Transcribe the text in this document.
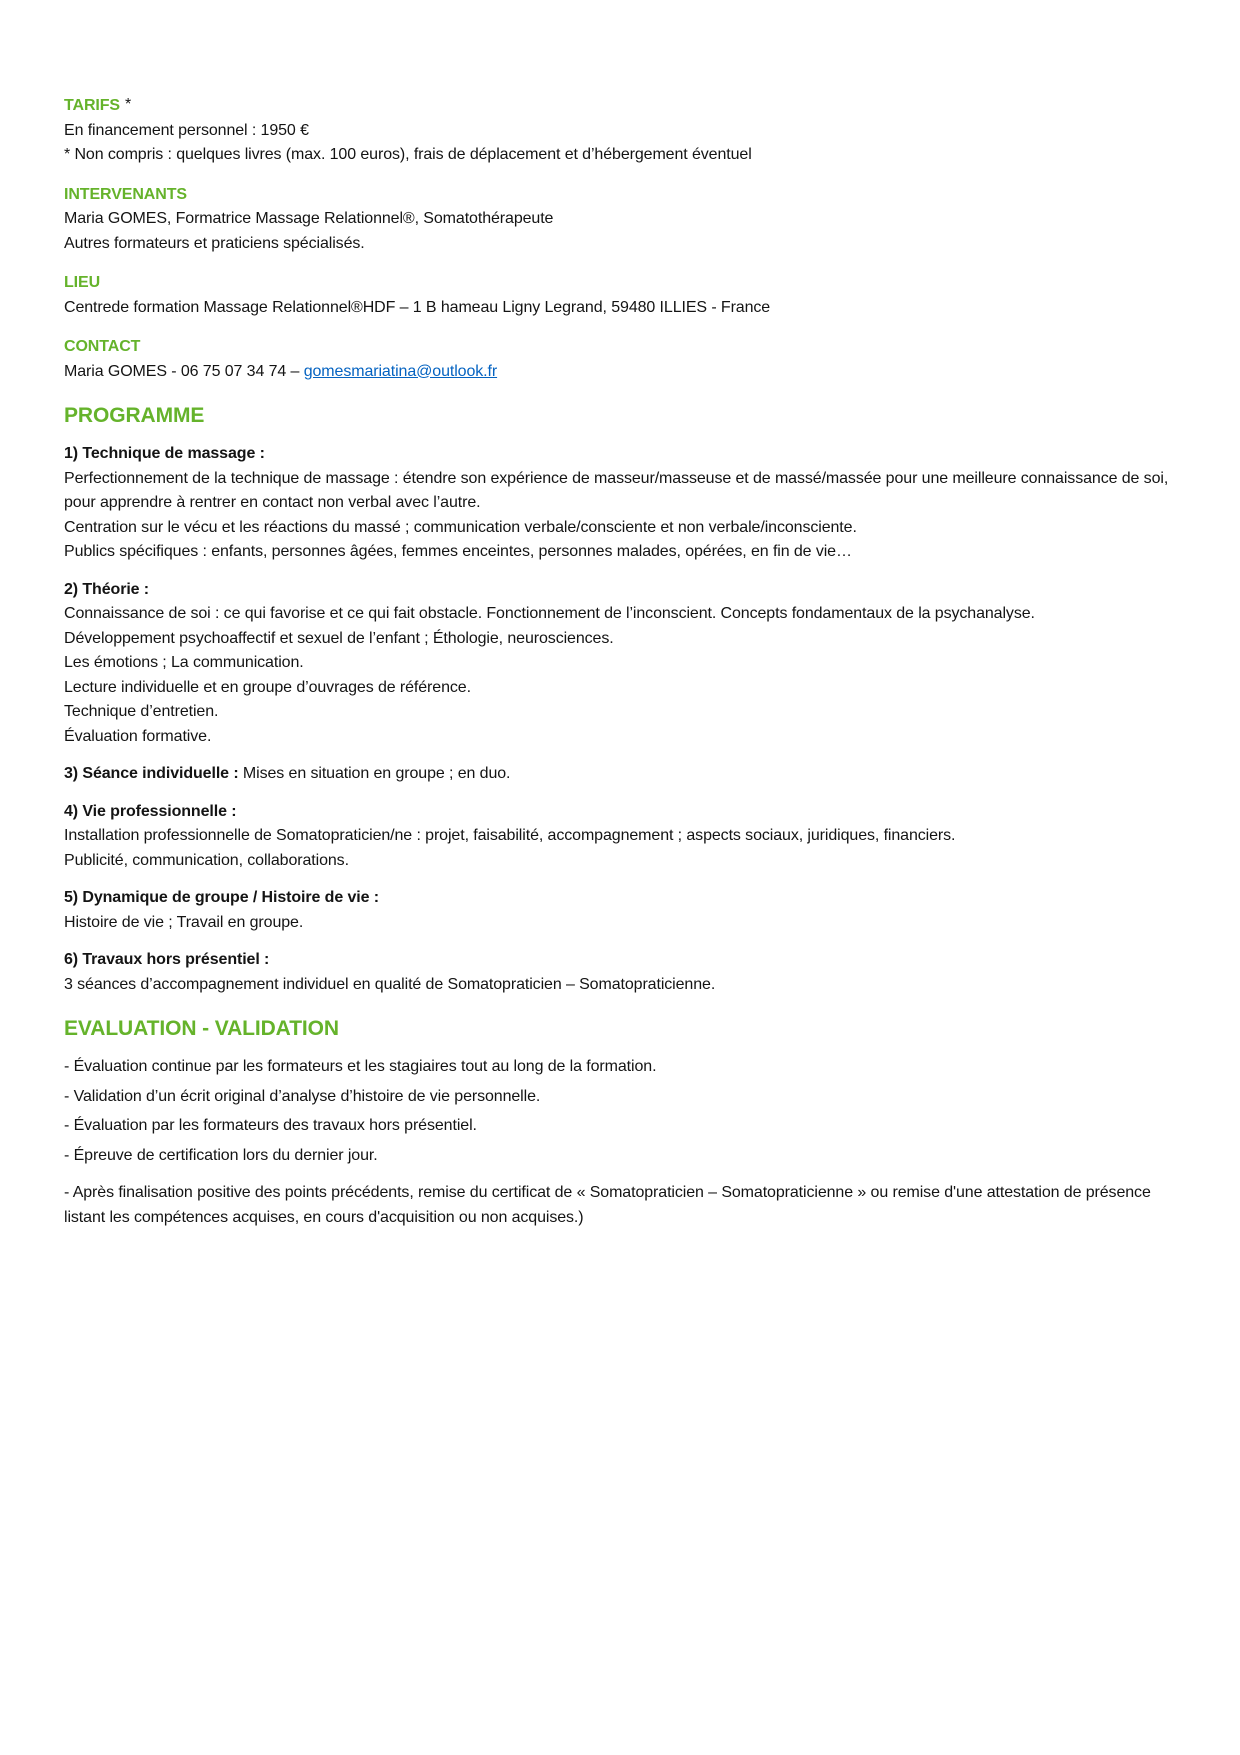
TARIFS *

En financement personnel : 1950 €

* Non compris : quelques livres (max. 100 euros), frais de déplacement et d’hébergement éventuel

INTERVENANTS

Maria GOMES, Formatrice Massage Relationnel®, Somatothérapeute

Autres formateurs et praticiens spécialisés.

LIEU

Centrede formation Massage Relationnel®HDF – 1 B hameau Ligny Legrand, 59480 ILLIES - France

CONTACT

Maria GOMES - 06 75 07 34 74 – gomesmariatina@outlook.fr

PROGRAMME

1) Technique de massage :

Perfectionnement de la technique de massage : étendre son expérience de masseur/masseuse et de massé/massée pour une meilleure connaissance de soi, pour apprendre à rentrer en contact non verbal avec l’autre.

Centration sur le vécu et les réactions du massé ; communication verbale/consciente et non verbale/inconsciente.

Publics spécifiques : enfants, personnes âgées, femmes enceintes, personnes malades, opérées, en fin de vie…

2) Théorie :

Connaissance de soi : ce qui favorise et ce qui fait obstacle. Fonctionnement de l’inconscient. Concepts fondamentaux de la psychanalyse.

Développement psychoaffectif et sexuel de l’enfant ; Éthologie, neurosciences.

Les émotions ; La communication.

Lecture individuelle et en groupe d’ouvrages de référence.

Technique d’entretien.

Évaluation formative.

3) Séance individuelle : Mises en situation en groupe ; en duo.

4) Vie professionnelle :

Installation professionnelle de Somatopraticien/ne : projet, faisabilité, accompagnement ; aspects sociaux, juridiques, financiers.

Publicité, communication, collaborations.

5) Dynamique de groupe / Histoire de vie :

Histoire de vie ; Travail en groupe.

6) Travaux hors présentiel :

3 séances d’accompagnement individuel en qualité de Somatopraticien – Somatopraticienne.

EVALUATION - VALIDATION

- Évaluation continue par les formateurs et les stagiaires tout au long de la formation.

- Validation d’un écrit original d’analyse d’histoire de vie personnelle.

- Évaluation par les formateurs des travaux hors présentiel.

- Épreuve de certification lors du dernier jour.

- Après finalisation positive des points précédents, remise du certificat de « Somatopraticien – Somatopraticienne » ou remise d'une attestation de présence listant les compétences acquises, en cours d'acquisition ou non acquises.)
